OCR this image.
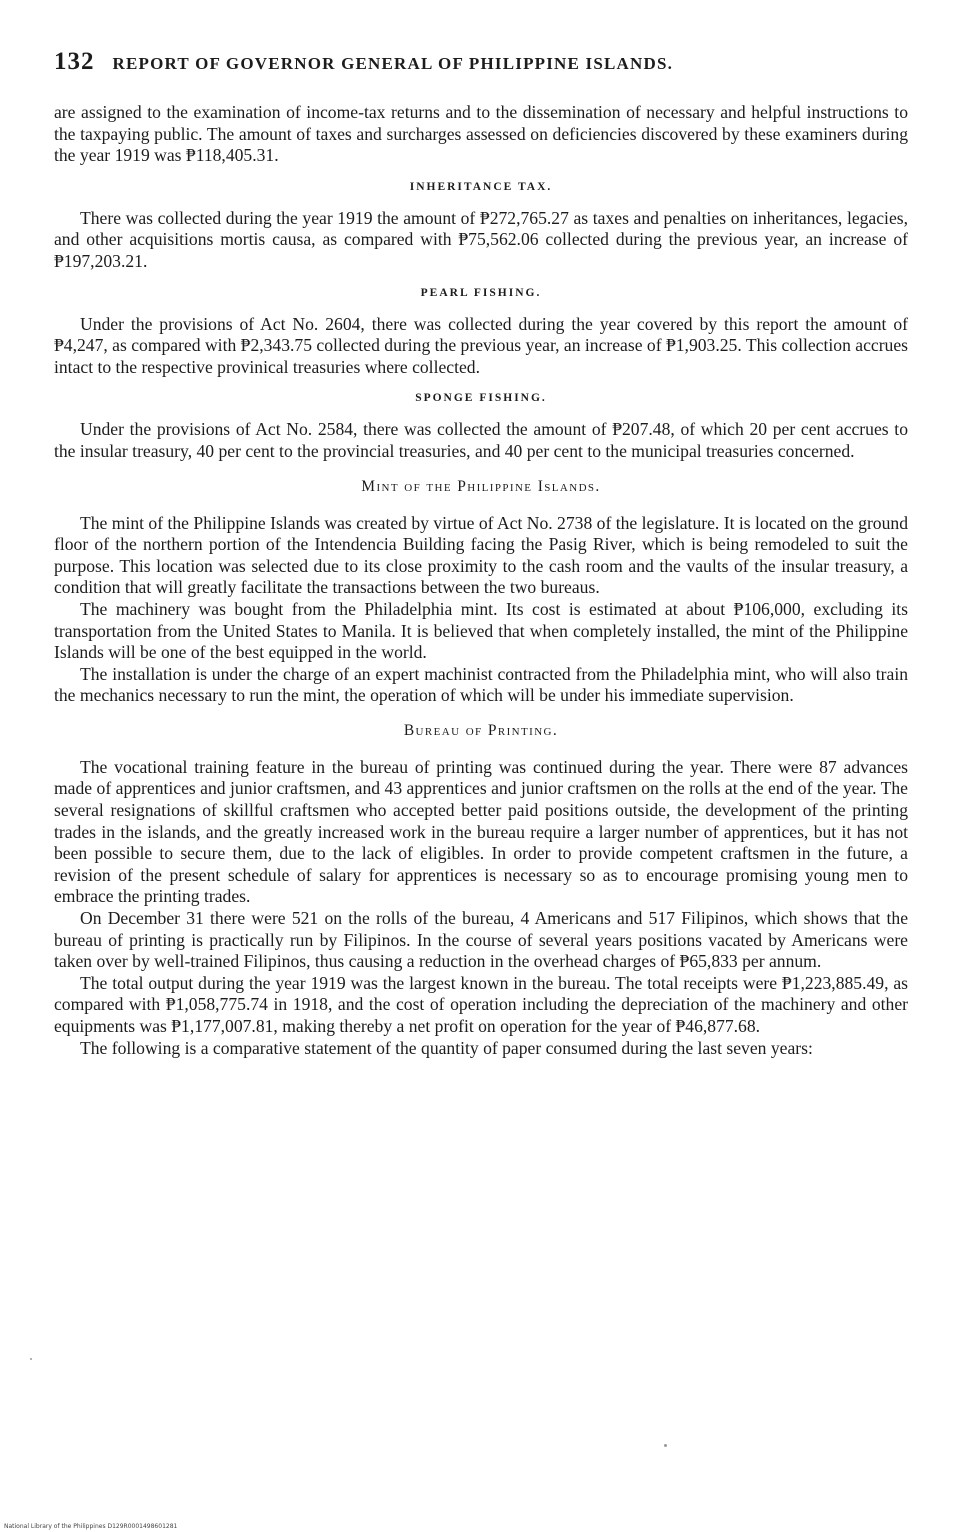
132 REPORT OF GOVERNOR GENERAL OF PHILIPPINE ISLANDS.

are assigned to the examination of income-tax returns and to the dissemination of necessary and helpful instructions to the taxpaying public. The amount of taxes and surcharges assessed on deficiencies discovered by these examiners during the year 1919 was ₱118,405.31.

INHERITANCE TAX.

There was collected during the year 1919 the amount of ₱272,765.27 as taxes and penalties on inheritances, legacies, and other acquisitions mortis causa, as compared with ₱75,562.06 collected during the previous year, an increase of ₱197,203.21.

PEARL FISHING.

Under the provisions of Act No. 2604, there was collected during the year covered by this report the amount of ₱4,247, as compared with ₱2,343.75 collected during the previous year, an increase of ₱1,903.25. This collection accrues intact to the respective provinical treasuries where collected.

SPONGE FISHING.

Under the provisions of Act No. 2584, there was collected the amount of ₱207.48, of which 20 per cent accrues to the insular treasury, 40 per cent to the provincial treasuries, and 40 per cent to the municipal treasuries concerned.

Mint of the Philippine Islands.

The mint of the Philippine Islands was created by virtue of Act No. 2738 of the legislature. It is located on the ground floor of the northern portion of the Intendencia Building facing the Pasig River, which is being remodeled to suit the purpose. This location was selected due to its close proximity to the cash room and the vaults of the insular treasury, a condition that will greatly facilitate the transactions between the two bureaus.

The machinery was bought from the Philadelphia mint. Its cost is estimated at about ₱106,000, excluding its transportation from the United States to Manila. It is believed that when completely installed, the mint of the Philippine Islands will be one of the best equipped in the world.

The installation is under the charge of an expert machinist contracted from the Philadelphia mint, who will also train the mechanics necessary to run the mint, the operation of which will be under his immediate supervision.

Bureau of Printing.

The vocational training feature in the bureau of printing was continued during the year. There were 87 advances made of apprentices and junior craftsmen, and 43 apprentices and junior craftsmen on the rolls at the end of the year. The several resignations of skillful craftsmen who accepted better paid positions outside, the development of the printing trades in the islands, and the greatly increased work in the bureau require a larger number of apprentices, but it has not been possible to secure them, due to the lack of eligibles. In order to provide competent craftsmen in the future, a revision of the present schedule of salary for apprentices is necessary so as to encourage promising young men to embrace the printing trades.

On December 31 there were 521 on the rolls of the bureau, 4 Americans and 517 Filipinos, which shows that the bureau of printing is practically run by Filipinos. In the course of several years positions vacated by Americans were taken over by well-trained Filipinos, thus causing a reduction in the overhead charges of ₱65,833 per annum.

The total output during the year 1919 was the largest known in the bureau. The total receipts were ₱1,223,885.49, as compared with ₱1,058,775.74 in 1918, and the cost of operation including the depreciation of the machinery and other equipments was ₱1,177,007.81, making thereby a net profit on operation for the year of ₱46,877.68.

The following is a comparative statement of the quantity of paper consumed during the last seven years:

National Library of the Philippines D129R0001498601281
